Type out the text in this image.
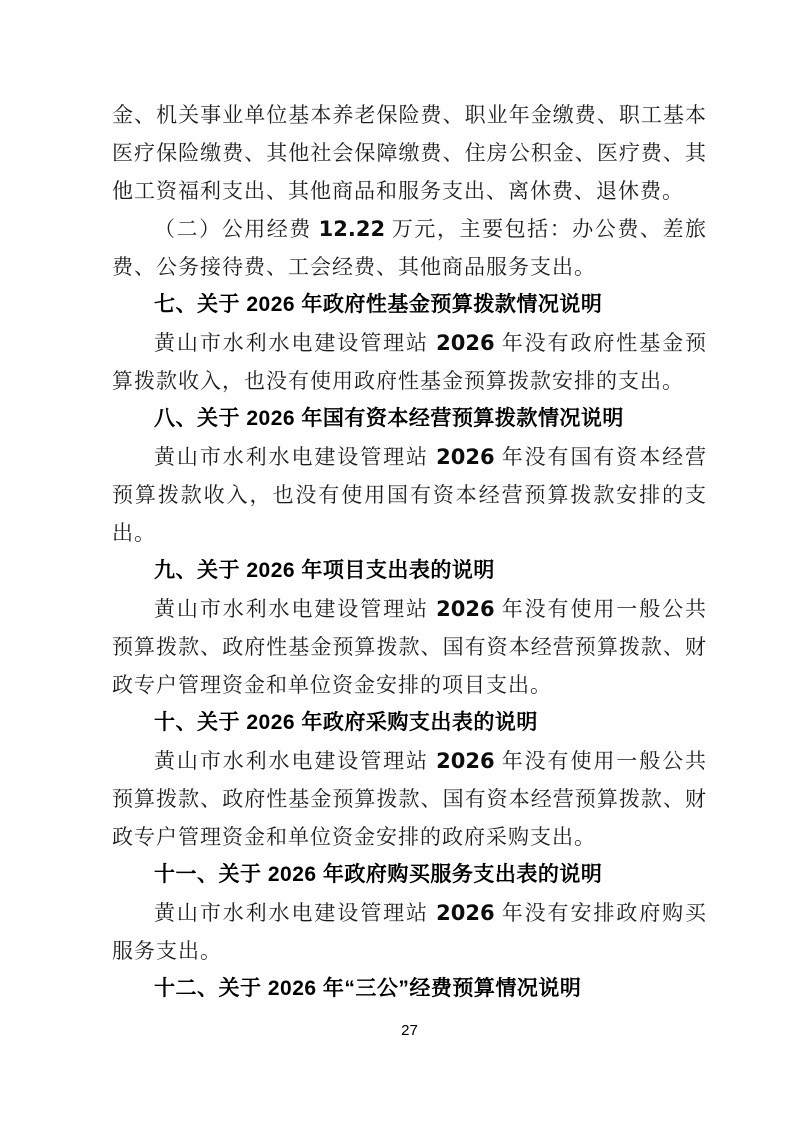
金、机关事业单位基本养老保险费、职业年金缴费、职工基本医疗保险缴费、其他社会保障缴费、住房公积金、医疗费、其他工资福利支出、其他商品和服务支出、离休费、退休费。

（二）公用经费 12.22 万元，主要包括：办公费、差旅费、公务接待费、工会经费、其他商品服务支出。

七、关于 2026 年政府性基金预算拨款情况说明

黄山市水利水电建设管理站 2026 年没有政府性基金预算拨款收入，也没有使用政府性基金预算拨款安排的支出。

八、关于 2026 年国有资本经营预算拨款情况说明

黄山市水利水电建设管理站 2026 年没有国有资本经营预算拨款收入，也没有使用国有资本经营预算拨款安排的支出。

九、关于 2026 年项目支出表的说明

黄山市水利水电建设管理站 2026 年没有使用一般公共预算拨款、政府性基金预算拨款、国有资本经营预算拨款、财政专户管理资金和单位资金安排的项目支出。

十、关于 2026 年政府采购支出表的说明

黄山市水利水电建设管理站 2026 年没有使用一般公共预算拨款、政府性基金预算拨款、国有资本经营预算拨款、财政专户管理资金和单位资金安排的政府采购支出。

十一、关于 2026 年政府购买服务支出表的说明

黄山市水利水电建设管理站 2026 年没有安排政府购买服务支出。

十二、关于 2026 年“三公”经费预算情况说明
27
